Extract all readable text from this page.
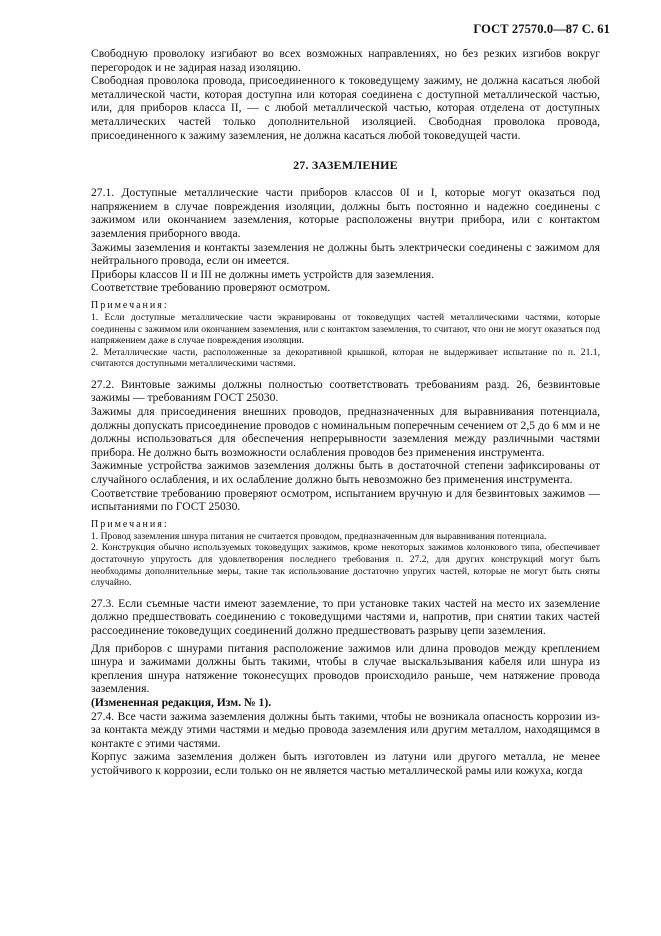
ГОСТ 27570.0—87 С. 61

Свободную проволоку изгибают во всех возможных направлениях, но без резких изгибов вокруг перегородок и не задирая назад изоляцию.

Свободная проволока провода, присоединенного к токоведущему зажиму, не должна касаться любой металлической части, которая доступна или которая соединена с доступной металлической частью, или, для приборов класса II, — с любой металлической частью, которая отделена от доступных металлических частей только дополнительной изоляцией. Свободная проволока провода, присоединенного к зажиму заземления, не должна касаться любой токоведущей части.

27. ЗАЗЕМЛЕНИЕ

27.1. Доступные металлические части приборов классов 0I и I, которые могут оказаться под напряжением в случае повреждения изоляции, должны быть постоянно и надежно соединены с зажимом или окончанием заземления, которые расположены внутри прибора, или с контактом заземления приборного ввода.

Зажимы заземления и контакты заземления не должны быть электрически соединены с зажимом для нейтрального провода, если он имеется.

Приборы классов II и III не должны иметь устройств для заземления.

Соответствие требованию проверяют осмотром.

Примечания:

1. Если доступные металлические части экранированы от токоведущих частей металлическими частями, которые соединены с зажимом или окончанием заземления, или с контактом заземления, то считают, что они не могут оказаться под напряжением даже в случае повреждения изоляции.

2. Металлические части, расположенные за декоративной крышкой, которая не выдерживает испытание по п. 21.1, считаются доступными металлическими частями.

27.2. Винтовые зажимы должны полностью соответствовать требованиям разд. 26, безвинтовые зажимы — требованиям ГОСТ 25030.

Зажимы для присоединения внешних проводов, предназначенных для выравнивания потенциала, должны допускать присоединение проводов с номинальным поперечным сечением от 2,5 до 6 мм и не должны использоваться для обеспечения непрерывности заземления между различными частями прибора. Не должно быть возможности ослабления проводов без применения инструмента.

Зажимные устройства зажимов заземления должны быть в достаточной степени зафиксированы от случайного ослабления, и их ослабление должно быть невозможно без применения инструмента.

Соответствие требованию проверяют осмотром, испытанием вручную и для безвинтовых зажимов — испытаниями по ГОСТ 25030.

Примечания:

1. Провод заземления шнура питания не считается проводом, предназначенным для выравнивания потенциала.

2. Конструкция обычно используемых токоведущих зажимов, кроме некоторых зажимов колонкового типа, обеспечивает достаточную упругость для удовлетворения последнего требования п. 27.2, для других конструкций могут быть необходимы дополнительные меры, такие так использование достаточно упругих частей, которые не могут быть сняты случайно.

27.3. Если съемные части имеют заземление, то при установке таких частей на место их заземление должно предшествовать соединению с токоведущими частями и, напротив, при снятии таких частей рассоединение токоведущих соединений должно предшествовать разрыву цепи заземления.

Для приборов с шнурами питания расположение зажимов или длина проводов между креплением шнура и зажимами должны быть такими, чтобы в случае выскальзывания кабеля или шнура из крепления шнура натяжение токонесущих проводов происходило раньше, чем натяжение провода заземления.

(Измененная редакция, Изм. № 1).

27.4. Все части зажима заземления должны быть такими, чтобы не возникала опасность коррозии из-за контакта между этими частями и медью провода заземления или другим металлом, находящимся в контакте с этими частями.

Корпус зажима заземления должен быть изготовлен из латуни или другого металла, не менее устойчивого к коррозии, если только он не является частью металлической рамы или кожуха, когда
